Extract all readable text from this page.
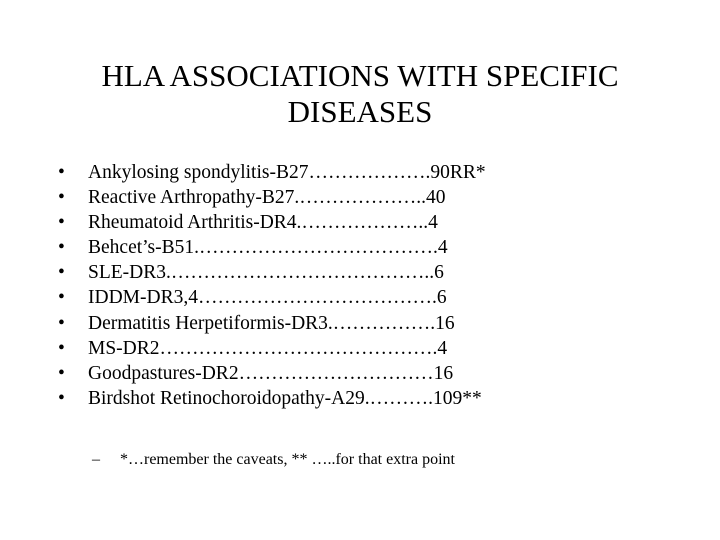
HLA ASSOCIATIONS WITH SPECIFIC
DISEASES
• Ankylosing spondylitis-B27……………….90RR*
• Reactive Arthropathy-B27.………………..40
• Rheumatoid Arthritis-DR4.………………..4
• Behcet’s-B51.……………………………….4
• SLE-DR3.…………………………………..6
• IDDM-DR3,4……………………………….6
• Dermatitis Herpetiformis-DR3.…………….16
• MS-DR2…………………………………….4
• Goodpastures-DR2…………………………16
• Birdshot Retinochoroidopathy-A29.……….109**
– *…remember the caveats, ** …..for that extra point
